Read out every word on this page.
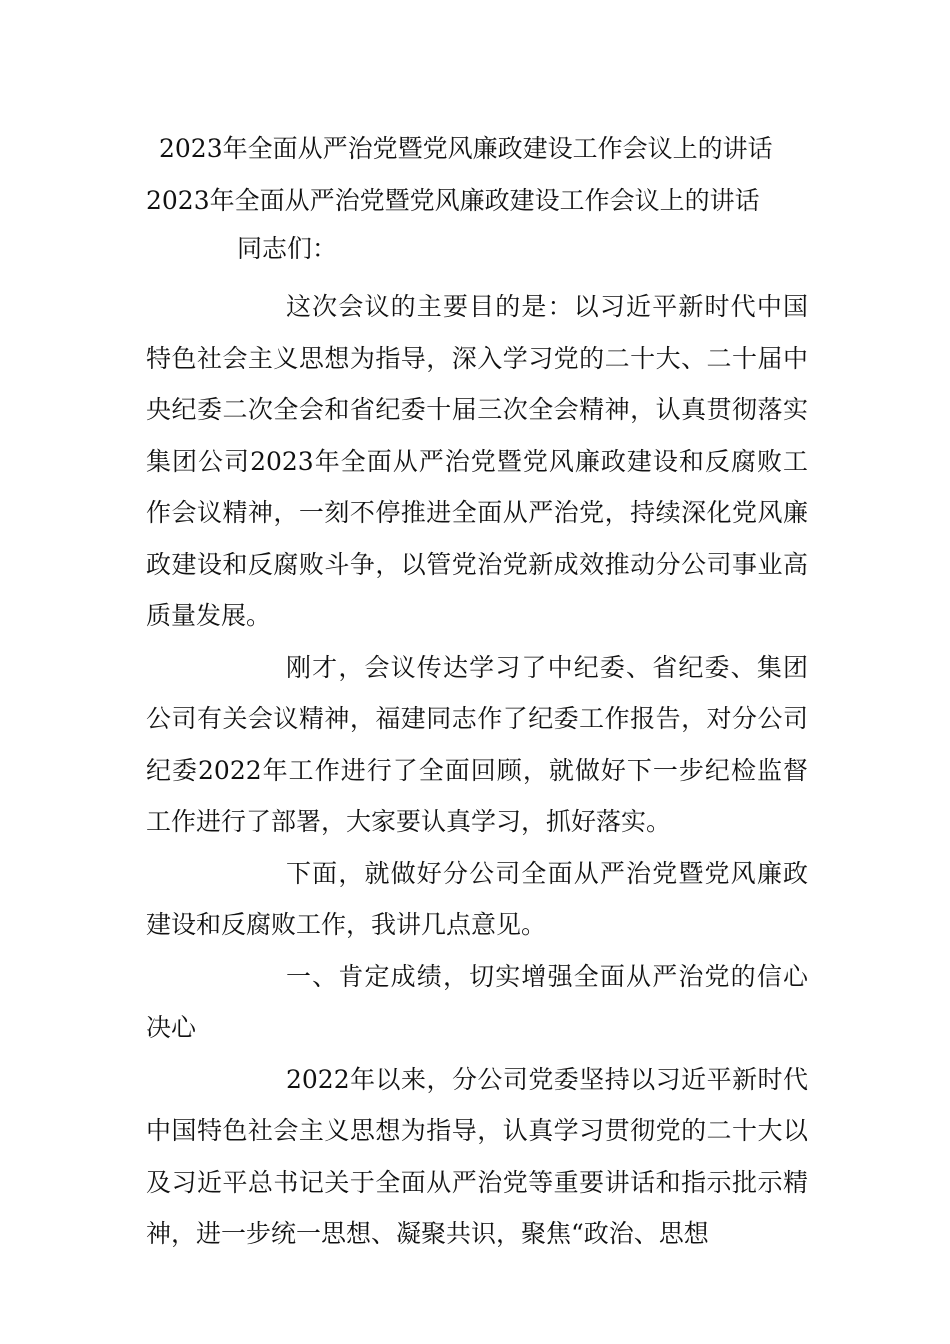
2023年全面从严治党暨党风廉政建设工作会议上的讲话
2023年全面从严治党暨党风廉政建设工作会议上的讲话

同志们：

这次会议的主要目的是：以习近平新时代中国特色社会主义思想为指导，深入学习党的二十大、二十届中央纪委二次全会和省纪委十届三次全会精神，认真贯彻落实集团公司2023年全面从严治党暨党风廉政建设和反腐败工作会议精神，一刻不停推进全面从严治党，持续深化党风廉政建设和反腐败斗争，以管党治党新成效推动分公司事业高质量发展。

刚才，会议传达学习了中纪委、省纪委、集团公司有关会议精神，福建同志作了纪委工作报告，对分公司纪委2022年工作进行了全面回顾，就做好下一步纪检监督工作进行了部署，大家要认真学习，抓好落实。

下面，就做好分公司全面从严治党暨党风廉政建设和反腐败工作，我讲几点意见。

一、肯定成绩，切实增强全面从严治党的信心决心

2022年以来，分公司党委坚持以习近平新时代中国特色社会主义思想为指导，认真学习贯彻党的二十大以及习近平总书记关于全面从严治党等重要讲话和指示批示精神，进一步统一思想、凝聚共识，聚焦“政治、思想
